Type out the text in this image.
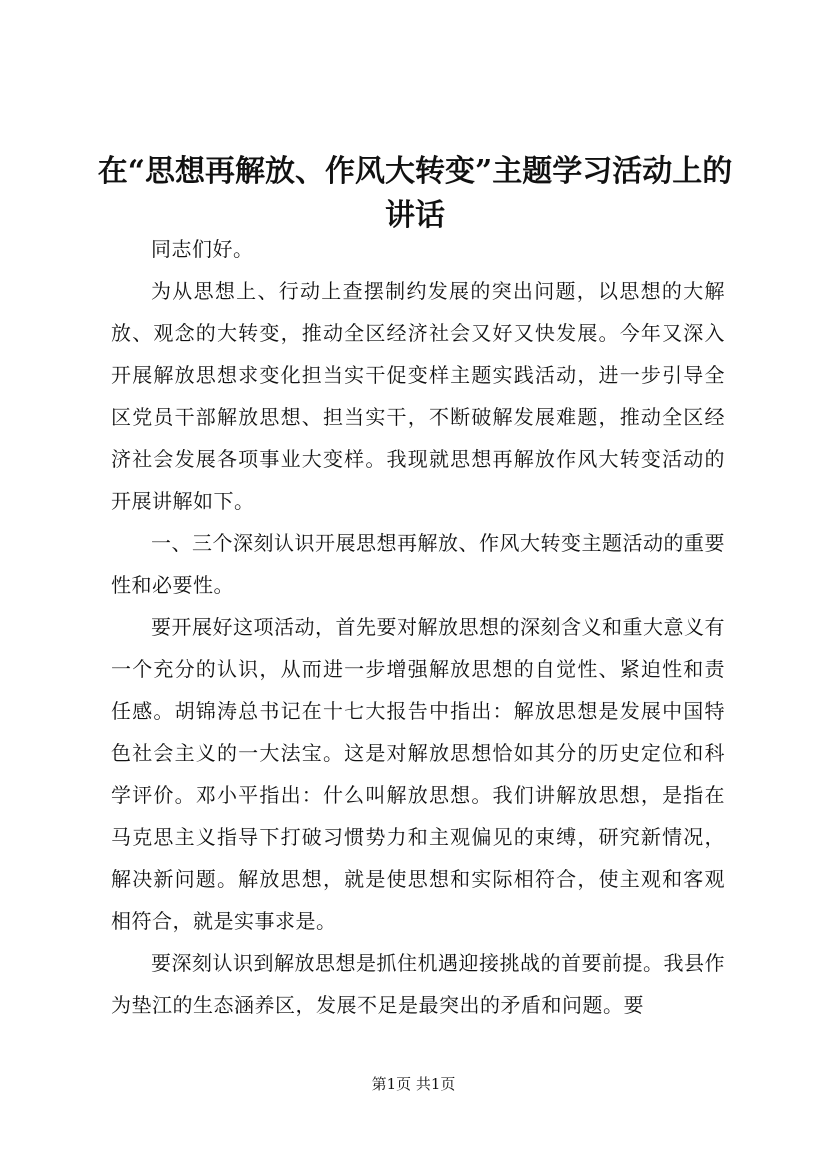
在“思想再解放、作风大转变”主题学习活动上的讲话

同志们好。

为从思想上、行动上查摆制约发展的突出问题，以思想的大解放、观念的大转变，推动全区经济社会又好又快发展。今年又深入开展解放思想求变化担当实干促变样主题实践活动，进一步引导全区党员干部解放思想、担当实干，不断破解发展难题，推动全区经济社会发展各项事业大变样。我现就思想再解放作风大转变活动的开展讲解如下。

一、三个深刻认识开展思想再解放、作风大转变主题活动的重要性和必要性。

要开展好这项活动，首先要对解放思想的深刻含义和重大意义有一个充分的认识，从而进一步增强解放思想的自觉性、紧迫性和责任感。胡锦涛总书记在十七大报告中指出：解放思想是发展中国特色社会主义的一大法宝。这是对解放思想恰如其分的历史定位和科学评价。邓小平指出：什么叫解放思想。我们讲解放思想，是指在马克思主义指导下打破习惯势力和主观偏见的束缚，研究新情况，解决新问题。解放思想，就是使思想和实际相符合，使主观和客观相符合，就是实事求是。

要深刻认识到解放思想是抓住机遇迎接挑战的首要前提。我县作为垫江的生态涵养区，发展不足是最突出的矛盾和问题。要

第1页 共1页
